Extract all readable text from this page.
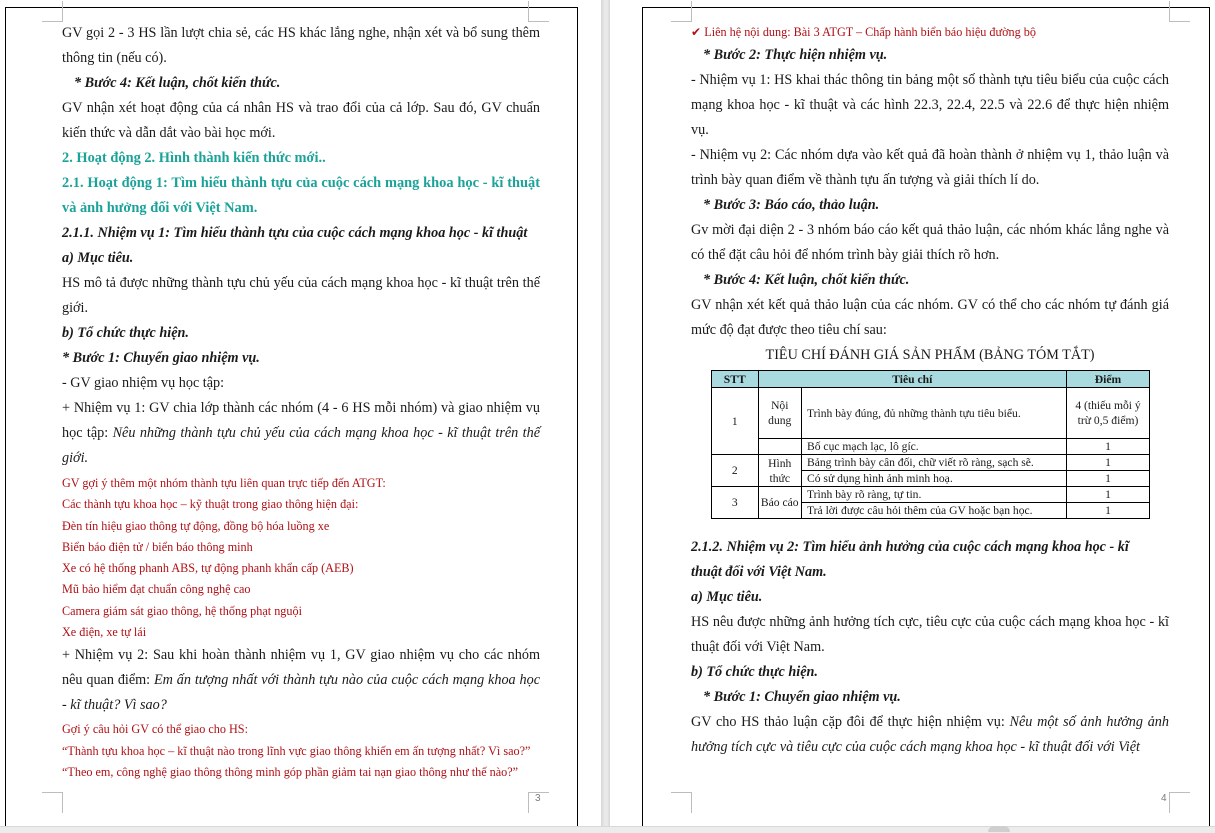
3

GV gọi 2 - 3 HS lần lượt chia sẻ, các HS khác lắng nghe, nhận xét và bổ sung thêm thông tin (nếu có).

* Bước 4: Kết luận, chốt kiến thức.

GV nhận xét hoạt động của cá nhân HS và trao đổi của cả lớp. Sau đó, GV chuẩn kiến thức và dẫn dắt vào bài học mới.

2. Hoạt động 2. Hình thành kiến thức mới..

2.1. Hoạt động 1: Tìm hiểu thành tựu của cuộc cách mạng khoa học - kĩ thuật và ảnh hưởng đối với Việt Nam.

2.1.1. Nhiệm vụ 1: Tìm hiểu thành tựu của cuộc cách mạng khoa học - kĩ thuật

a) Mục tiêu.

HS mô tả được những thành tựu chủ yếu của cách mạng khoa học - kĩ thuật trên thế giới.

b) Tổ chức thực hiện.

* Bước 1: Chuyển giao nhiệm vụ.

- GV giao nhiệm vụ học tập:

+ Nhiệm vụ 1: GV chia lớp thành các nhóm (4 - 6 HS mỗi nhóm) và giao nhiệm vụ học tập: Nêu những thành tựu chủ yếu của cách mạng khoa học - kĩ thuật trên thế giới.

GV gợi ý thêm một nhóm thành tựu liên quan trực tiếp đến ATGT:

Các thành tựu khoa học – kỹ thuật trong giao thông hiện đại:

Đèn tín hiệu giao thông tự động, đồng bộ hóa luồng xe

Biển báo điện tử / biển báo thông minh

Xe có hệ thống phanh ABS, tự động phanh khẩn cấp (AEB)

Mũ bảo hiểm đạt chuẩn công nghệ cao

Camera giám sát giao thông, hệ thống phạt nguội

Xe điện, xe tự lái

+ Nhiệm vụ 2: Sau khi hoàn thành nhiệm vụ 1, GV giao nhiệm vụ cho các nhóm nêu quan điểm: Em ấn tượng nhất với thành tựu nào của cuộc cách mạng khoa học - kĩ thuật? Vì sao?

Gợi ý câu hỏi GV có thể giao cho HS:

“Thành tựu khoa học – kĩ thuật nào trong lĩnh vực giao thông khiến em ấn tượng nhất? Vì sao?”

“Theo em, công nghệ giao thông thông minh góp phần giảm tai nạn giao thông như thế nào?”

4

✔ Liên hệ nội dung: Bài 3 ATGT – Chấp hành biển báo hiệu đường bộ

* Bước 2: Thực hiện nhiệm vụ.

- Nhiệm vụ 1: HS khai thác thông tin bảng một số thành tựu tiêu biểu của cuộc cách mạng khoa học - kĩ thuật và các hình 22.3, 22.4, 22.5 và 22.6 để thực hiện nhiệm vụ.

- Nhiệm vụ 2: Các nhóm dựa vào kết quả đã hoàn thành ở nhiệm vụ 1, thảo luận và trình bày quan điểm về thành tựu ấn tượng và giải thích lí do.

* Bước 3: Báo cáo, thảo luận.

Gv mời đại diện 2 - 3 nhóm báo cáo kết quả thảo luận, các nhóm khác lắng nghe và có thể đặt câu hỏi để nhóm trình bày giải thích rõ hơn.

* Bước 4: Kết luận, chốt kiến thức.

GV nhận xét kết quả thảo luận của các nhóm. GV có thể cho các nhóm tự đánh giá mức độ đạt được theo tiêu chí sau:

TIÊU CHÍ ĐÁNH GIÁ SẢN PHẨM (BẢNG TÓM TẮT)

STT	Tiêu chí		Điểm
1	Nội dung	Trình bày đúng, đủ những thành tựu tiêu biểu.	4 (thiếu mỗi ý trừ 0,5 điểm)
		Bố cục mạch lạc, lô gíc.	1
2	Hình thức	Bảng trình bày cân đối, chữ viết rõ ràng, sạch sẽ.	1
		Có sử dụng hình ảnh minh hoạ.	1
3	Báo cáo	Trình bày rõ ràng, tự tin.	1
		Trả lời được câu hỏi thêm của GV hoặc bạn học.	1

2.1.2. Nhiệm vụ 2: Tìm hiểu ảnh hưởng của cuộc cách mạng khoa học - kĩ thuật đối với Việt Nam.

a) Mục tiêu.

HS nêu được những ảnh hưởng tích cực, tiêu cực của cuộc cách mạng khoa học - kĩ thuật đối với Việt Nam.

b) Tổ chức thực hiện.

* Bước 1: Chuyển giao nhiệm vụ.

GV cho HS thảo luận cặp đôi để thực hiện nhiệm vụ: Nêu một số ảnh hưởng ảnh hưởng tích cực và tiêu cực của cuộc cách mạng khoa học - kĩ thuật đối với Việt
